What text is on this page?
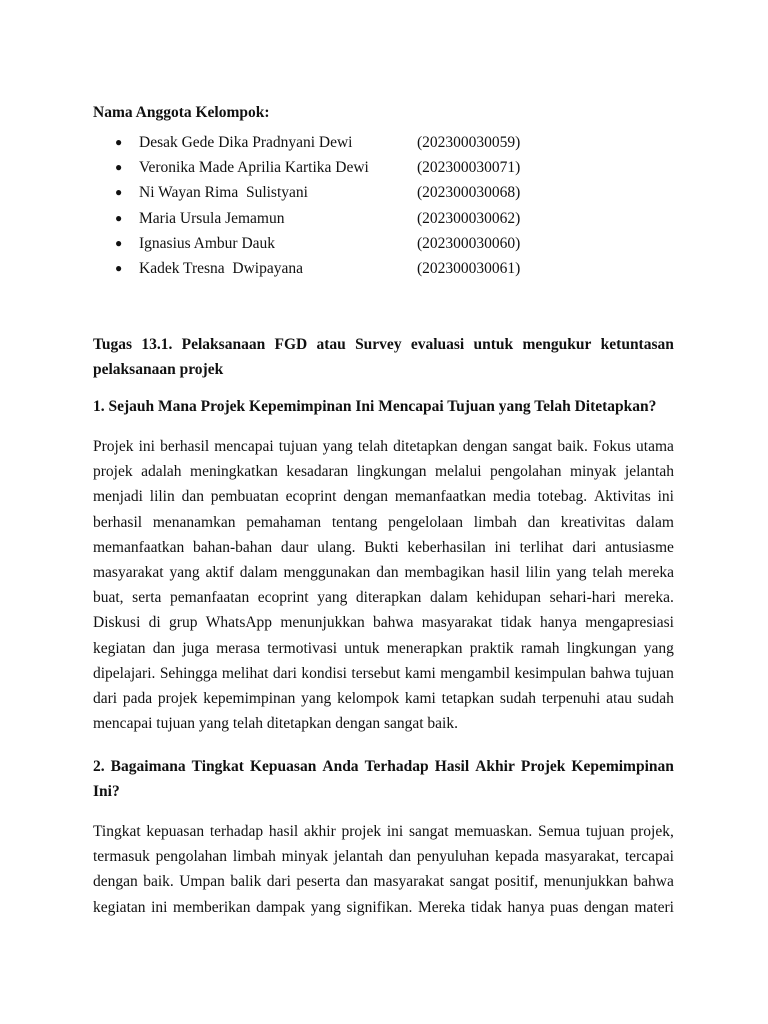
Nama Anggota Kelompok:
● Desak Gede Dika Pradnyani Dewi	(202300030059)
● Veronika Made Aprilia Kartika Dewi	(202300030071)
● Ni Wayan Rima  Sulistyani	(202300030068)
● Maria Ursula Jemamun	(202300030062)
● Ignasius Ambur Dauk	(202300030060)
● Kadek Tresna  Dwipayana	(202300030061)
Tugas 13.1. Pelaksanaan FGD atau Survey evaluasi untuk mengukur ketuntasan
pelaksanaan projek
1. Sejauh Mana Projek Kepemimpinan Ini Mencapai Tujuan yang Telah Ditetapkan?
Projek ini berhasil mencapai tujuan yang telah ditetapkan dengan sangat baik. Fokus utama
projek adalah meningkatkan kesadaran lingkungan melalui pengolahan minyak jelantah
menjadi lilin dan pembuatan ecoprint dengan memanfaatkan media totebag. Aktivitas ini
berhasil menanamkan pemahaman tentang pengelolaan limbah dan kreativitas dalam
memanfaatkan bahan-bahan daur ulang. Bukti keberhasilan ini terlihat dari antusiasme
masyarakat yang aktif dalam menggunakan dan membagikan hasil lilin yang telah mereka
buat, serta pemanfaatan ecoprint yang diterapkan dalam kehidupan sehari-hari mereka.
Diskusi di grup WhatsApp menunjukkan bahwa masyarakat tidak hanya mengapresiasi
kegiatan dan juga merasa termotivasi untuk menerapkan praktik ramah lingkungan yang
dipelajari. Sehingga melihat dari kondisi tersebut kami mengambil kesimpulan bahwa tujuan
dari pada projek kepemimpinan yang kelompok kami tetapkan sudah terpenuhi atau sudah
mencapai tujuan yang telah ditetapkan dengan sangat baik.
2. Bagaimana Tingkat Kepuasan Anda Terhadap Hasil Akhir Projek Kepemimpinan
Ini?
Tingkat kepuasan terhadap hasil akhir projek ini sangat memuaskan. Semua tujuan projek,
termasuk pengolahan limbah minyak jelantah dan penyuluhan kepada masyarakat, tercapai
dengan baik. Umpan balik dari peserta dan masyarakat sangat positif, menunjukkan bahwa
kegiatan ini memberikan dampak yang signifikan. Mereka tidak hanya puas dengan materi
